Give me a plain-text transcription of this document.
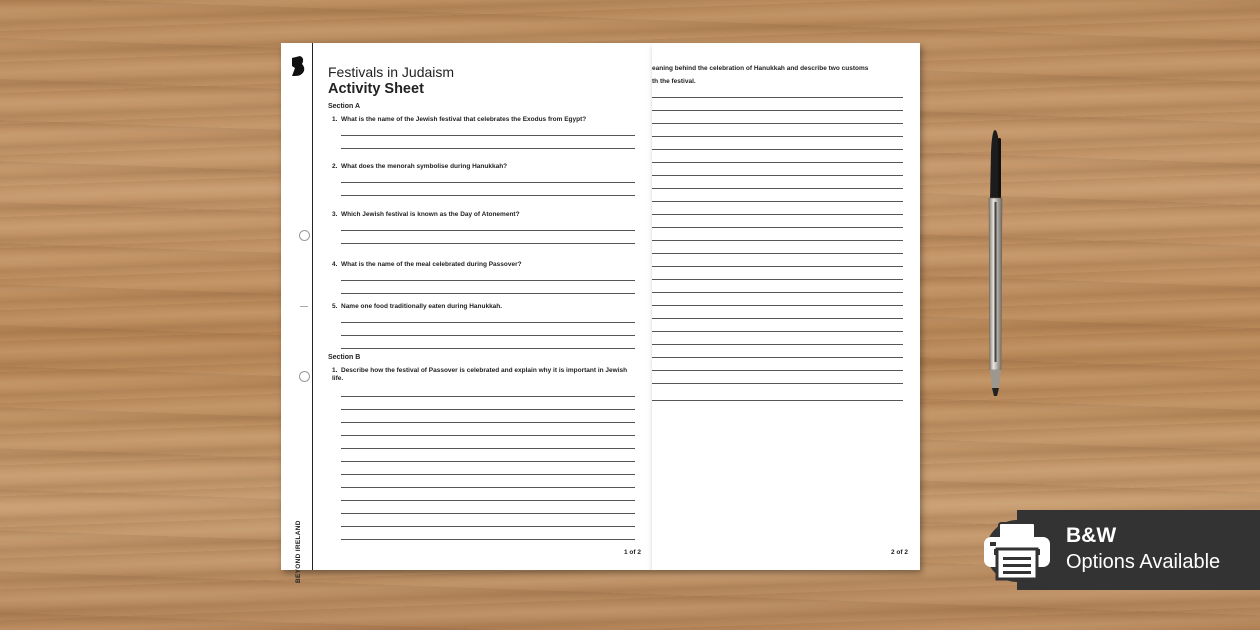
BEYOND IRELAND
Festivals in Judaism
Activity Sheet
Section A
1. What is the name of the Jewish festival that celebrates the Exodus from Egypt?
2. What does the menorah symbolise during Hanukkah?
3. Which Jewish festival is known as the Day of Atonement?
4. What is the name of the meal celebrated during Passover?
5. Name one food traditionally eaten during Hanukkah.
Section B
1. Describe how the festival of Passover is celebrated and explain why it is important in Jewish life.
1 of 2
eaning behind the celebration of Hanukkah and describe two customs
th the festival.
2 of 2
B&W
Options Available
